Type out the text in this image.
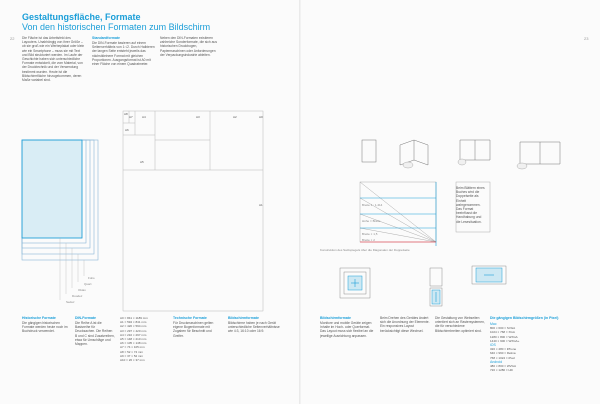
Gestaltungsfläche, Formate
Von den historischen Formaten zum Bildschirm
22 Die Fläche ist das Arbeitsfeld des Layouters. Unabhängig von ihrer Größe – ob sie groß wie ein Werbeplakat oder klein wie ein Smartphone – muss sie mit Text und Bild strukturiert werden. Im Laufe der Geschichte haben sich unterschiedliche Formate entwickelt, die vom Material, von der Drucktechnik und der Verwendung bestimmt wurden. Heute ist die Bildschirmfläche hinzugekommen, deren Maße variabel sind.
Standardformate
Die DIN-Formate basieren auf einem Seitenverhältnis von 1:√2. Durch Halbieren der langen Seite entsteht jeweils das nächstkleinere Format mit gleichen Proportionen. Ausgangsformat ist A0 mit einer Fläche von einem Quadratmeter.
Neben den DIN-Formaten existieren zahlreiche Sonderformate, die sich aus historischen Druckbogen, Papiermaschinen oder Anforderungen der Verpackungsindustrie ableiten.
A0
A1
A2
A3
A4
A5
A6
A7
A8
Folio
Quart
Oktav
Duodez
Sedez
Historische Formate
Die gängigen historischen Formate werden heute noch im Buchdruck verwendet.
DIN-Formate
Die Reihe A ist die Basisreihe für Drucksachen. Die Reihen B und C sind Zusatzreihen, etwa für Umschläge und Mappen.
A0 = 841 × 1189 mm
A1 = 594 × 841 mm
A2 = 420 × 594 mm
A3 = 297 × 420 mm
A4 = 210 × 297 mm
A5 = 148 × 210 mm
A6 = 105 × 148 mm
A7 = 74 × 105 mm
A8 = 52 × 74 mm
A9 = 37 × 52 mm
A10 = 26 × 37 mm
Technische Formate
Für Druckmaschinen gelten eigene Bogenformate mit Zugaben für Beschnitt und Greifer.
Bildschirmformate
Bildschirme haben je nach Gerät unterschiedliche Seitenverhältnisse wie 4:3, 16:10 oder 16:9.
23
Beim Blättern eines Buches wird die Doppelseite als Einheit wahrgenommen. Das Format beeinflusst die Handhabung und die Lesesituation.
Breite 1 : 1,414
Höhe = Breite
Breite × 1,5
Breite × 2
Konstruktion des Satzspiegels über die Diagonalen der Doppelseite
Bildschirmformate
Monitore und mobile Geräte zeigen Inhalte im Hoch- oder Querformat. Das Layout muss sich flexibel an die jeweilige Ausrichtung anpassen.
Beim Drehen des Gerätes ändert sich die Anordnung der Elemente. Ein responsives Layout berücksichtigt diese Wechsel.
Die Gestaltung von Webseiten orientiert sich an Rastersystemen, die für verschiedene Bildschirmbreiten optimiert sind.
Die gängigen Bildschirmgrößen (in Pixel)
Mac
800 × 600 = SVGA
1024 × 768 = XGA
1280 × 800 = WXGA
1440 × 900 = WXGA+
iOS
320 × 480 = iPhone
640 × 960 = Retina
768 × 1024 = iPad
Android
480 × 800 = WVGA
720 × 1280 = HD
